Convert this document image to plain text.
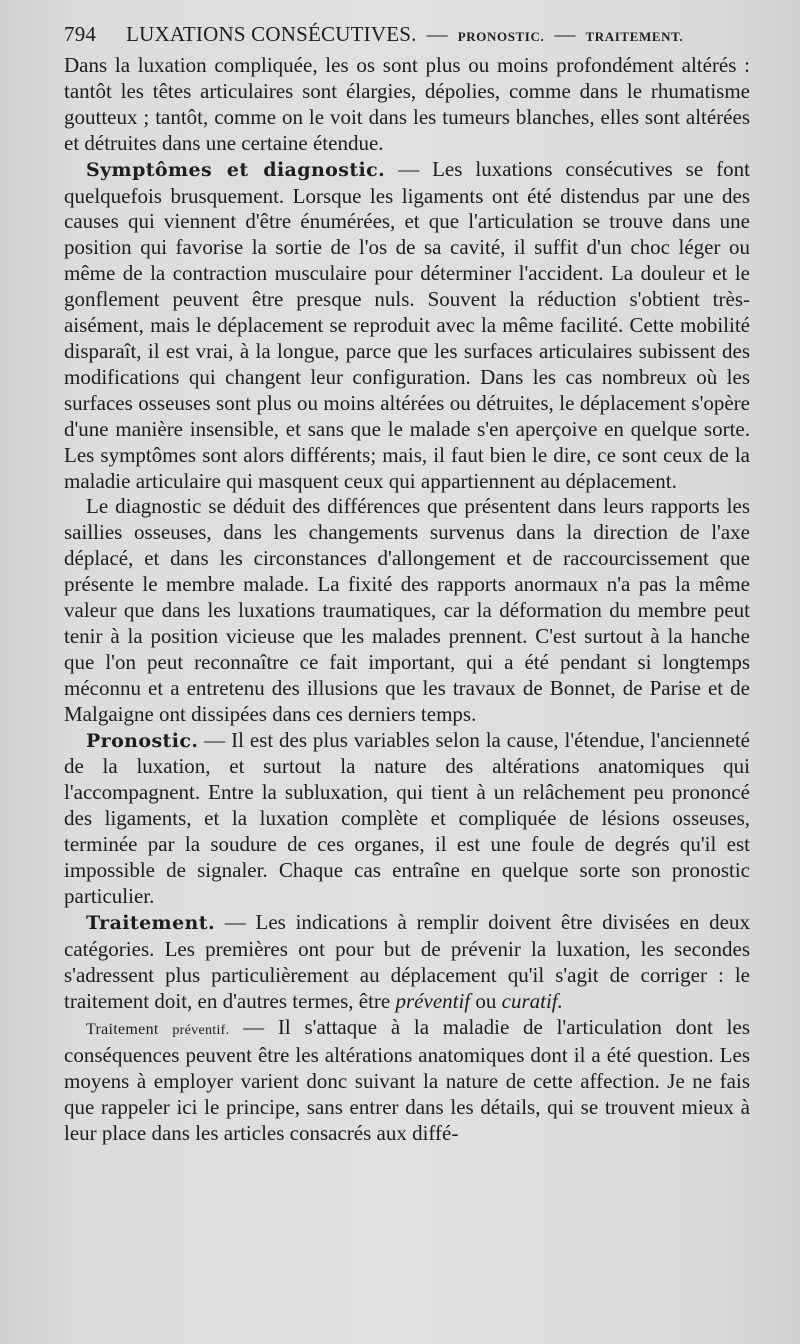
794 LUXATIONS CONSÉCUTIVES. — PRONOSTIC. — TRAITEMENT.

Dans la luxation compliquée, les os sont plus ou moins profondément altérés : tantôt les têtes articulaires sont élargies, dépolies, comme dans le rhumatisme goutteux ; tantôt, comme on le voit dans les tumeurs blanches, elles sont altérées et détruites dans une certaine étendue.

Symptômes et diagnostic. — Les luxations consécutives se font quelquefois brusquement. Lorsque les ligaments ont été distendus par une des causes qui viennent d'être énumérées, et que l'articulation se trouve dans une position qui favorise la sortie de l'os de sa cavité, il suffit d'un choc léger ou même de la contraction musculaire pour déterminer l'accident. La douleur et le gonflement peuvent être presque nuls. Souvent la réduction s'obtient très-aisément, mais le déplacement se reproduit avec la même facilité. Cette mobilité disparaît, il est vrai, à la longue, parce que les surfaces articulaires subissent des modifications qui changent leur configuration. Dans les cas nombreux où les surfaces osseuses sont plus ou moins altérées ou détruites, le déplacement s'opère d'une manière insensible, et sans que le malade s'en aperçoive en quelque sorte. Les symptômes sont alors différents; mais, il faut bien le dire, ce sont ceux de la maladie articulaire qui masquent ceux qui appartiennent au déplacement.

Le diagnostic se déduit des différences que présentent dans leurs rapports les saillies osseuses, dans les changements survenus dans la direction de l'axe déplacé, et dans les circonstances d'allongement et de raccourcissement que présente le membre malade. La fixité des rapports anormaux n'a pas la même valeur que dans les luxations traumatiques, car la déformation du membre peut tenir à la position vicieuse que les malades prennent. C'est surtout à la hanche que l'on peut reconnaître ce fait important, qui a été pendant si longtemps méconnu et a entretenu des illusions que les travaux de Bonnet, de Parise et de Malgaigne ont dissipées dans ces derniers temps.

Pronostic. — Il est des plus variables selon la cause, l'étendue, l'ancienneté de la luxation, et surtout la nature des altérations anatomiques qui l'accompagnent. Entre la subluxation, qui tient à un relâchement peu prononcé des ligaments, et la luxation complète et compliquée de lésions osseuses, terminée par la soudure de ces organes, il est une foule de degrés qu'il est impossible de signaler. Chaque cas entraîne en quelque sorte son pronostic particulier.

Traitement. — Les indications à remplir doivent être divisées en deux catégories. Les premières ont pour but de prévenir la luxation, les secondes s'adressent plus particulièrement au déplacement qu'il s'agit de corriger : le traitement doit, en d'autres termes, être préventif ou curatif.

Traitement préventif. — Il s'attaque à la maladie de l'articulation dont les conséquences peuvent être les altérations anatomiques dont il a été question. Les moyens à employer varient donc suivant la nature de cette affection. Je ne fais que rappeler ici le principe, sans entrer dans les détails, qui se trouvent mieux à leur place dans les articles consacrés aux diffé-
